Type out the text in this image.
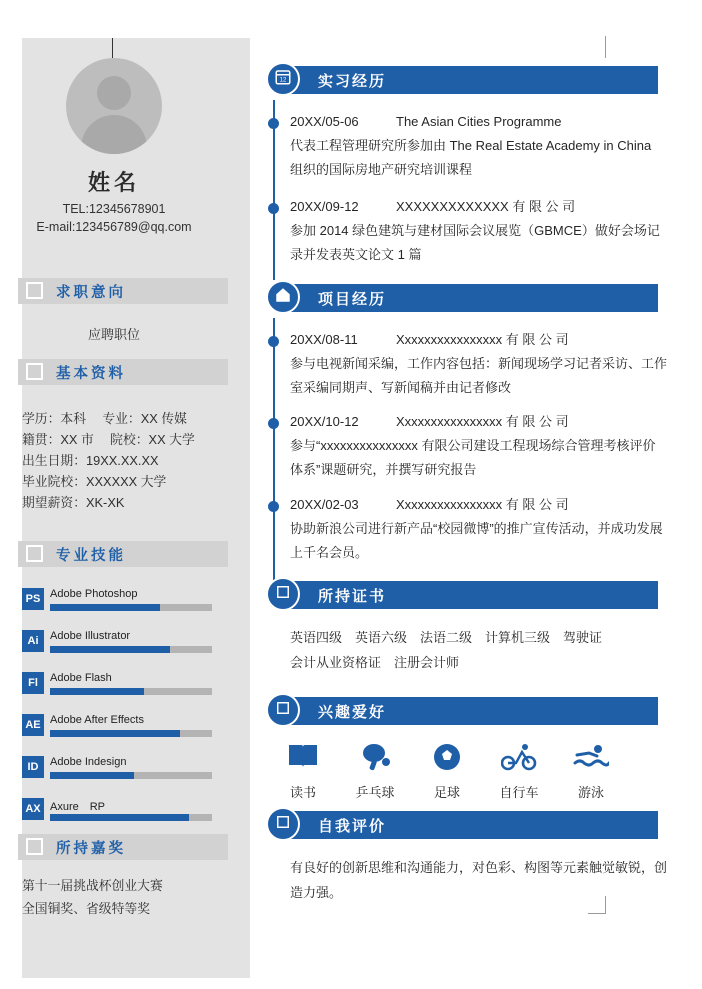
姓名
TEL:12345678901
E-mail:123456789@qq.com
求职意向
应聘职位
基本资料
学历：本科　 专业：XX 传媒
籍贯：XX 市　 院校：XX 大学
出生日期：19XX.XX.XX
毕业院校：XXXXXX 大学
期望薪资：XK-XK
专业技能
PS Adobe Photoshop
Ai	Adobe Illustrator
Fl	Adobe Flash
AE Adobe After Effects
ID	Adobe Indesign
AX Axure　RP
所持嘉奖
第十一届挑战杯创业大赛
全国铜奖、省级特等奖
12 实习经历
20XX/05-06	The Asian Cities Programme
代表工程管理研究所参加由 The Real Estate Academy in China　组织的国际房地产研究培训课程
20XX/09-12	XXXXXXXXXXXXX 有 限 公 司
参加 2014 绿色建筑与建材国际会议展览（GBMCE）做好会场记录并发表英文论文 1 篇
项目经历
20XX/08-11	Xxxxxxxxxxxxxxxx 有 限 公 司
参与电视新闻采编，工作内容包括：新闻现场学习记者采访、工作室采编同期声、写新闻稿并由记者修改
20XX/10-12	Xxxxxxxxxxxxxxxx 有 限 公 司
参与“xxxxxxxxxxxxxxx 有限公司建设工程现场综合管理考核评价体系”课题研究，并撰写研究报告
20XX/02-03	Xxxxxxxxxxxxxxxx 有 限 公 司
协助新浪公司进行新产品“校园微博”的推广宣传活动，并成功发展上千名会员。
所持证书
英语四级　英语六级　法语二级　计算机三级　驾驶证
会计从业资格证　注册会计师
兴趣爱好
读书	乒乓球	足球	自行车	游泳
自我评价
有良好的创新思维和沟通能力，对色彩、构图等元素触觉敏锐，创造力强。
